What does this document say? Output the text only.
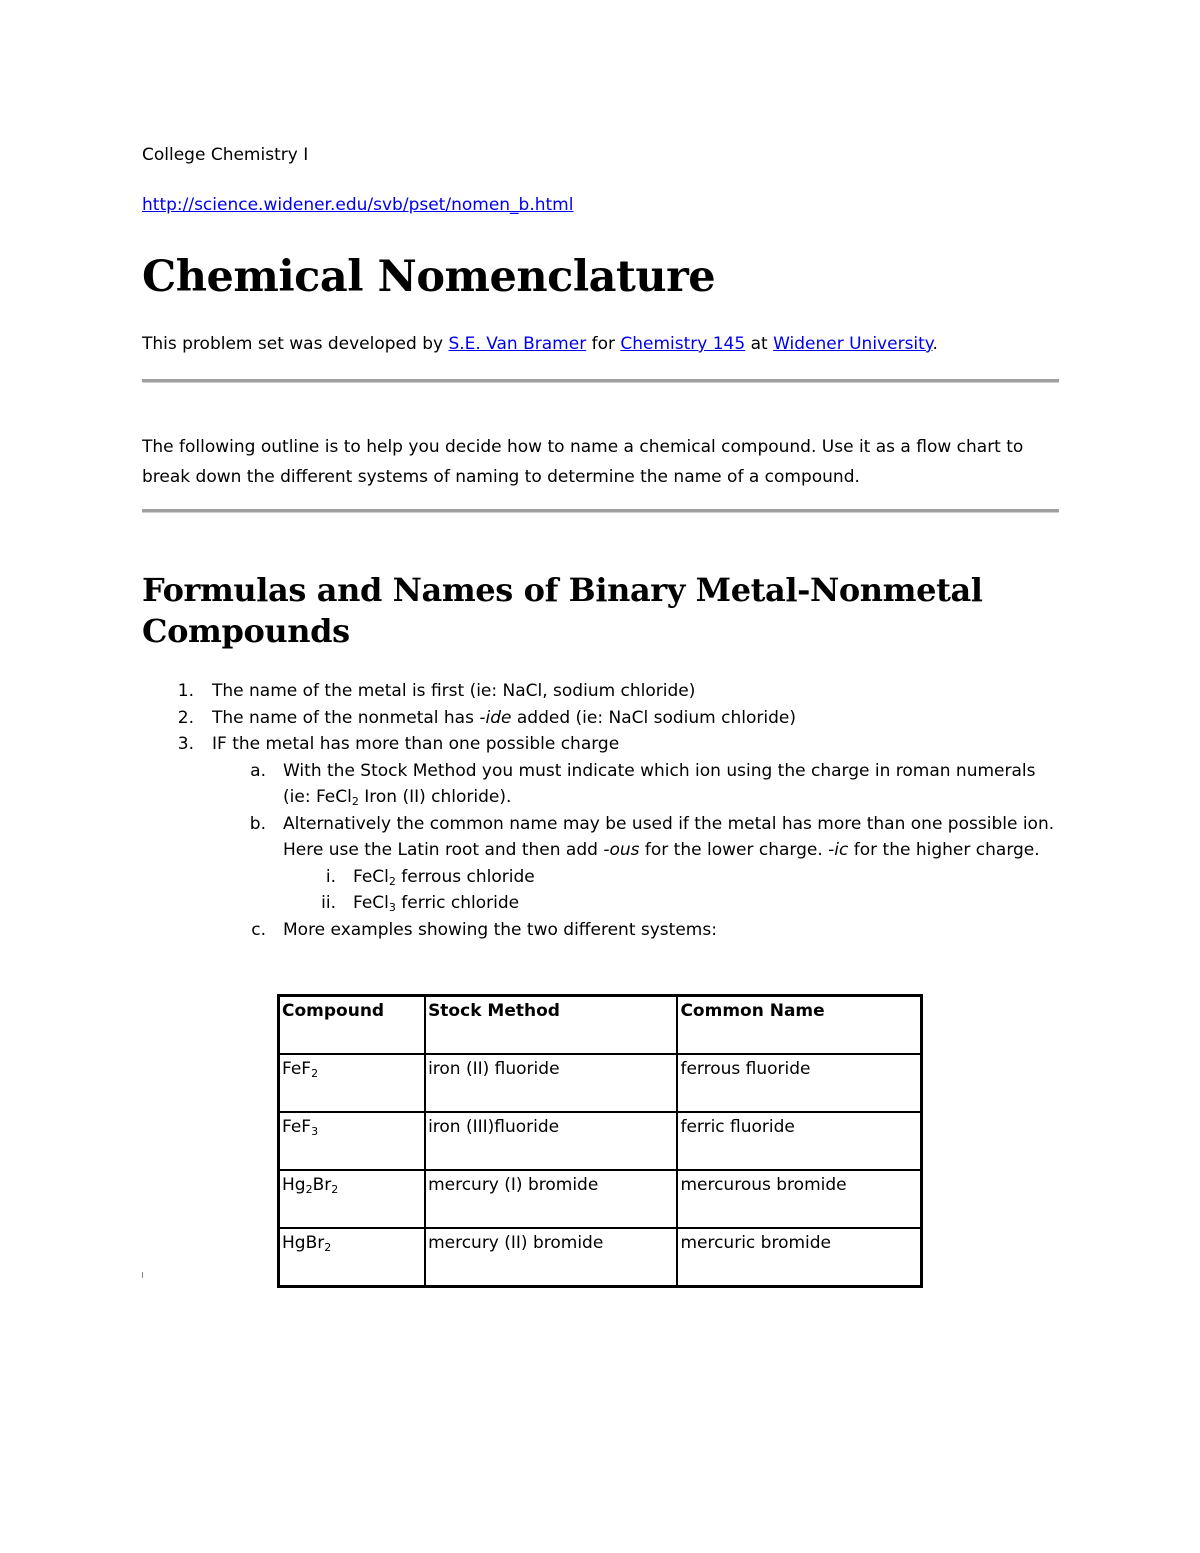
College Chemistry I
http://science.widener.edu/svb/pset/nomen_b.html
Chemical Nomenclature
This problem set was developed by S.E. Van Bramer for Chemistry 145 at Widener University.
The following outline is to help you decide how to name a chemical compound. Use it as a flow chart to break down the different systems of naming to determine the name of a compound.
Formulas and Names of Binary Metal-Nonmetal Compounds
1. The name of the metal is first (ie: NaCl, sodium chloride)
2. The name of the nonmetal has -ide added (ie: NaCl sodium chloride)
3. IF the metal has more than one possible charge
a. With the Stock Method you must indicate which ion using the charge in roman numerals (ie: FeCl$_2$ Iron (II) chloride).
b. Alternatively the common name may be used if the metal has more than one possible ion. Here use the Latin root and then add -ous for the lower charge. -ic for the higher charge.
i. FeCl$_2$ ferrous chloride
ii. FeCl$_3$ ferric chloride
c. More examples showing the two different systems:
Compound	Stock Method	Common Name
FeF$_2$	iron (II) fluoride	ferrous fluoride
FeF$_3$	iron (III)fluoride	ferric fluoride
$Hg_2Br_2$	mercury (I) bromide	mercurous bromide
HgBr$_2$	mercury (II) bromide	mercuric bromide
